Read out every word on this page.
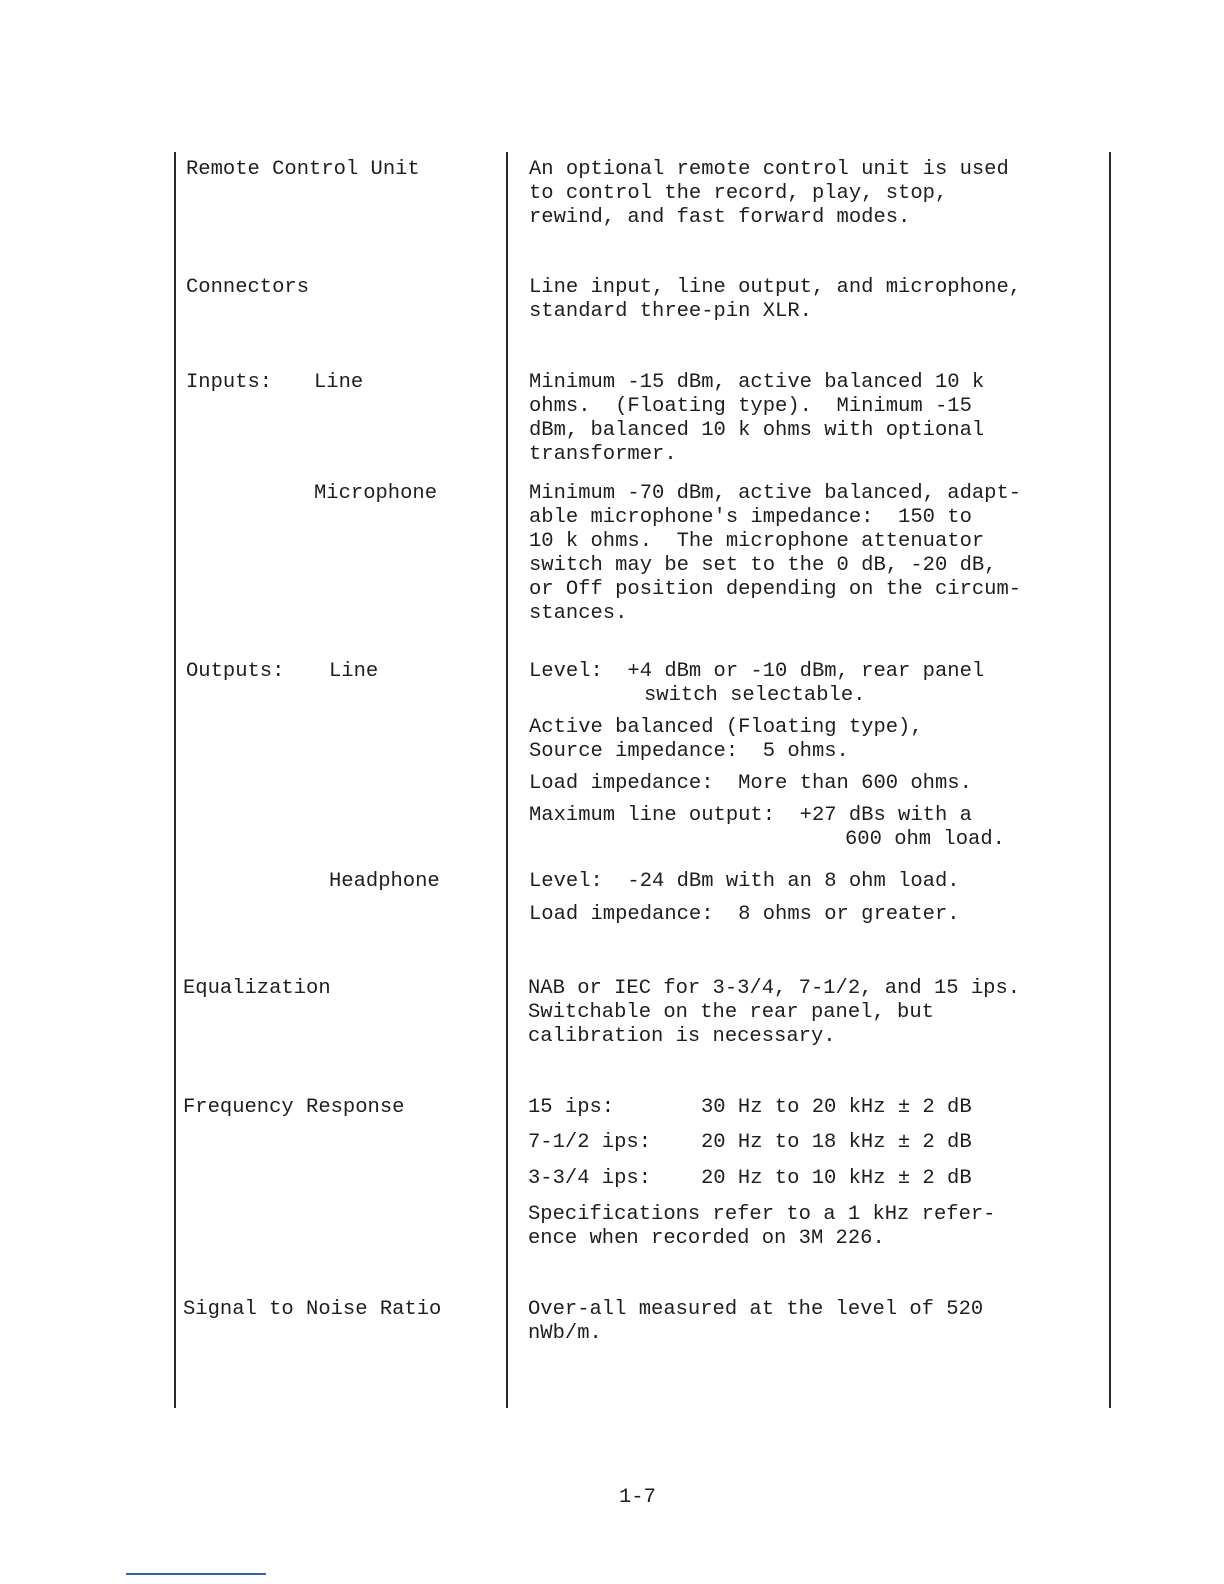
Remote Control Unit	An optional remote control unit is used
to control the record, play, stop,
rewind, and fast forward modes.
Connectors	Line input, line output, and microphone,
standard three-pin XLR.
Inputs: Line	Minimum -15 dBm, active balanced 10 k
ohms.  (Floating type).  Minimum -15
dBm, balanced 10 k ohms with optional
transformer.
Microphone	Minimum -70 dBm, active balanced, adapt-
able microphone's impedance:  150 to
10 k ohms.  The microphone attenuator
switch may be set to the 0 dB, -20 dB,
or Off position depending on the circum-
stances.
Outputs: Line	Level:  +4 dBm or -10 dBm, rear panel
switch selectable.
Active balanced (Floating type),
Source impedance:  5 ohms.
Load impedance:  More than 600 ohms.
Maximum line output:  +27 dBs with a
600 ohm load.
Headphone	Level:  -24 dBm with an 8 ohm load.
Load impedance:  8 ohms or greater.
Equalization	NAB or IEC for 3-3/4, 7-1/2, and 15 ips.
Switchable on the rear panel, but
calibration is necessary.
Frequency Response	15 ips:	30 Hz to 20 kHz ± 2 dB
7-1/2 ips: 20 Hz to 18 kHz ± 2 dB
3-3/4 ips: 20 Hz to 10 kHz ± 2 dB
Specifications refer to a 1 kHz refer-
ence when recorded on 3M 226.
Signal to Noise Ratio	Over-all measured at the level of 520
nWb/m.
1-7
